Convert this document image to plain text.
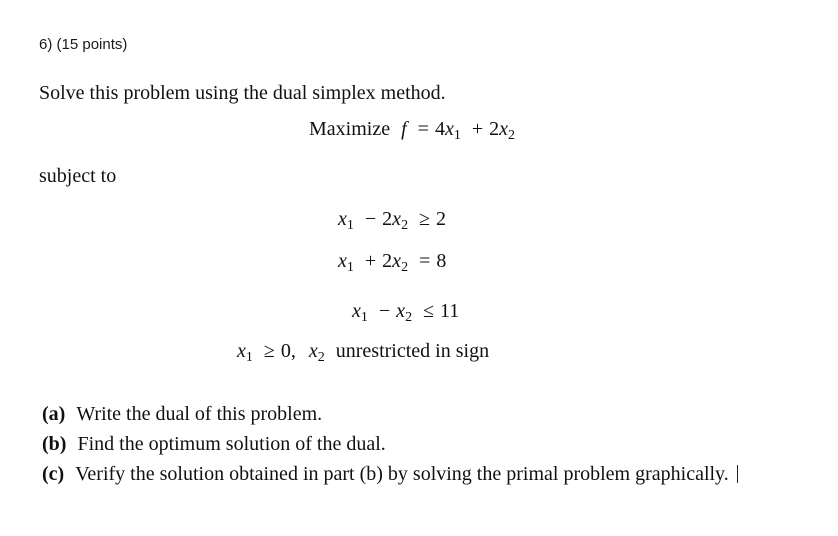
6) (15 points)
Solve this problem using the dual simplex method.
Maximize $f = 4x_1 + 2x_2$
subject to
$x_1 - 2x_2 \ge 2$
$x_1 + 2x_2 = 8$
$x_1 - x_2 \le 11$
$x_1 \ge 0$, $x_2$ unrestricted in sign
(a) Write the dual of this problem.
(b) Find the optimum solution of the dual.
(c) Verify the solution obtained in part (b) by solving the primal problem graphically.
